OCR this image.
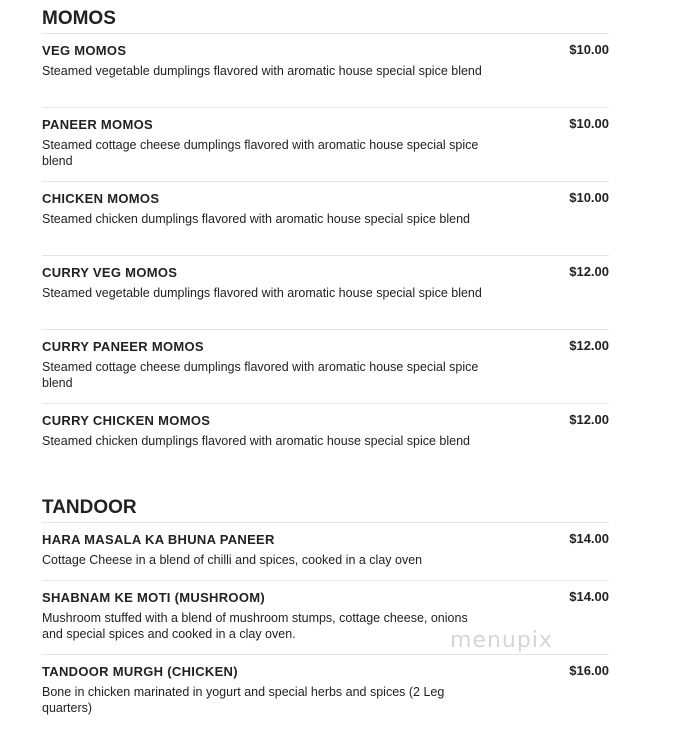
MOMOS
VEG MOMOS	$10.00
Steamed vegetable dumplings flavored with aromatic house special spice blend
PANEER MOMOS	$10.00
Steamed cottage cheese dumplings flavored with aromatic house special spice blend
CHICKEN MOMOS	$10.00
Steamed chicken dumplings flavored with aromatic house special spice blend
CURRY VEG MOMOS	$12.00
Steamed vegetable dumplings flavored with aromatic house special spice blend
CURRY PANEER MOMOS	$12.00
Steamed cottage cheese dumplings flavored with aromatic house special spice blend
CURRY CHICKEN MOMOS	$12.00
Steamed chicken dumplings flavored with aromatic house special spice blend
TANDOOR
HARA MASALA KA BHUNA PANEER	$14.00
Cottage Cheese in a blend of chilli and spices, cooked in a clay oven
SHABNAM KE MOTI (MUSHROOM)	$14.00
Mushroom stuffed with a blend of mushroom stumps, cottage cheese, onions and special spices and cooked in a clay oven.
TANDOOR MURGH (CHICKEN)	$16.00
Bone in chicken marinated in yogurt and special herbs and spices (2 Leg quarters)
menupix
